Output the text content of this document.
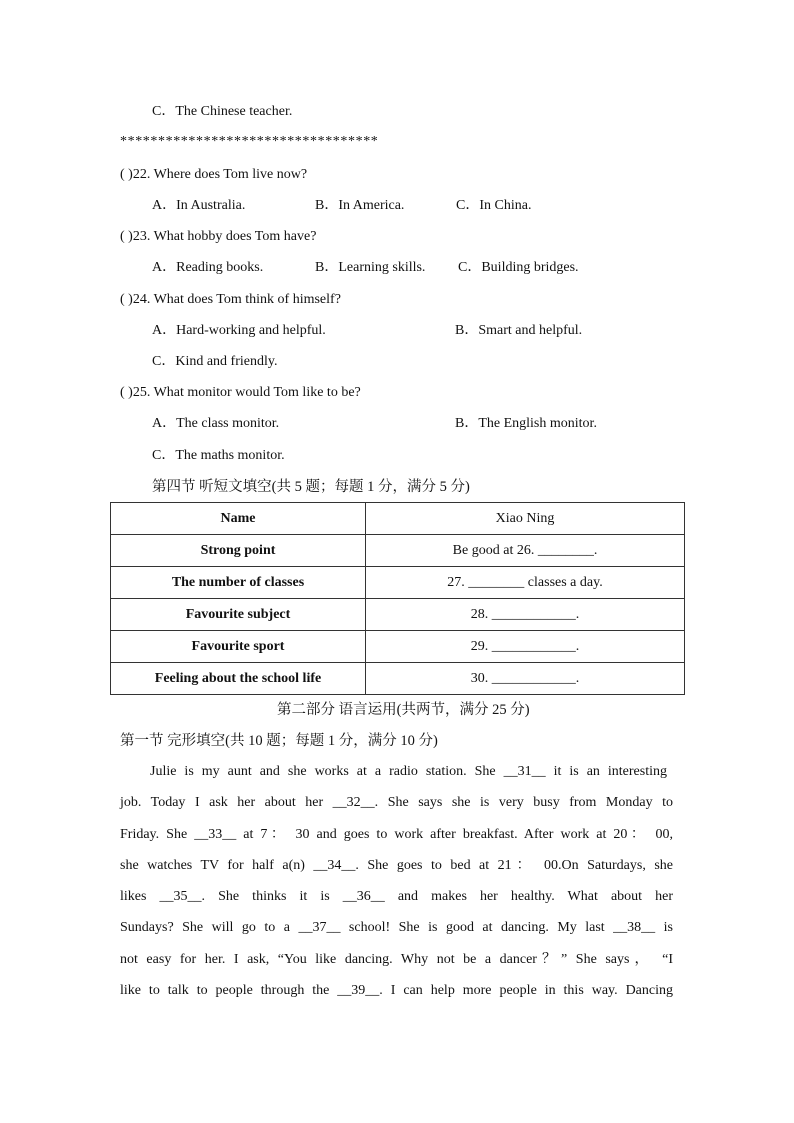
C．The Chinese teacher.
**********************************
( )22. Where does Tom live now?
A．In Australia.	B．In America.	C．In China.
( )23. What hobby does Tom have?
A．Reading books.	B．Learning skills. C．Building bridges.
( )24. What does Tom think of himself?
A．Hard-working and helpful.	B．Smart and helpful.
C．Kind and friendly.
( )25. What monitor would Tom like to be?
A．The class monitor.	B．The English monitor.
C．The maths monitor.
第四节 听短文填空(共 5 题；每题 1 分，满分 5 分)
Name	Xiao Ning
Strong point	Be good at 26. ________.
The number of classes	27. ________ classes a day.
Favourite subject	28. ____________.
Favourite sport	29. ____________.
Feeling about the school life	30. ____________.
第二部分 语言运用(共两节，满分 25 分)
第一节 完形填空(共 10 题；每题 1 分，满分 10 分)
Julie is my aunt and she works at a radio station. She __31__ it is an interesting
job. Today I ask her about her __32__. She says she is very busy from Monday to
Friday. She __33__ at 7： 30 and goes to work after breakfast. After work at 20： 00,
she watches TV for half a(n) __34__. She goes to bed at 21： 00.On Saturdays, she
likes __35__. She thinks it is __36__ and makes her healthy. What about her
Sundays? She will go to a __37__ school! She is good at dancing. My last __38__ is
not easy for her. I ask, “You like dancing. Why not be a dancer？” She says， “I
like to talk to people through the __39__. I can help more people in this way. Dancing
